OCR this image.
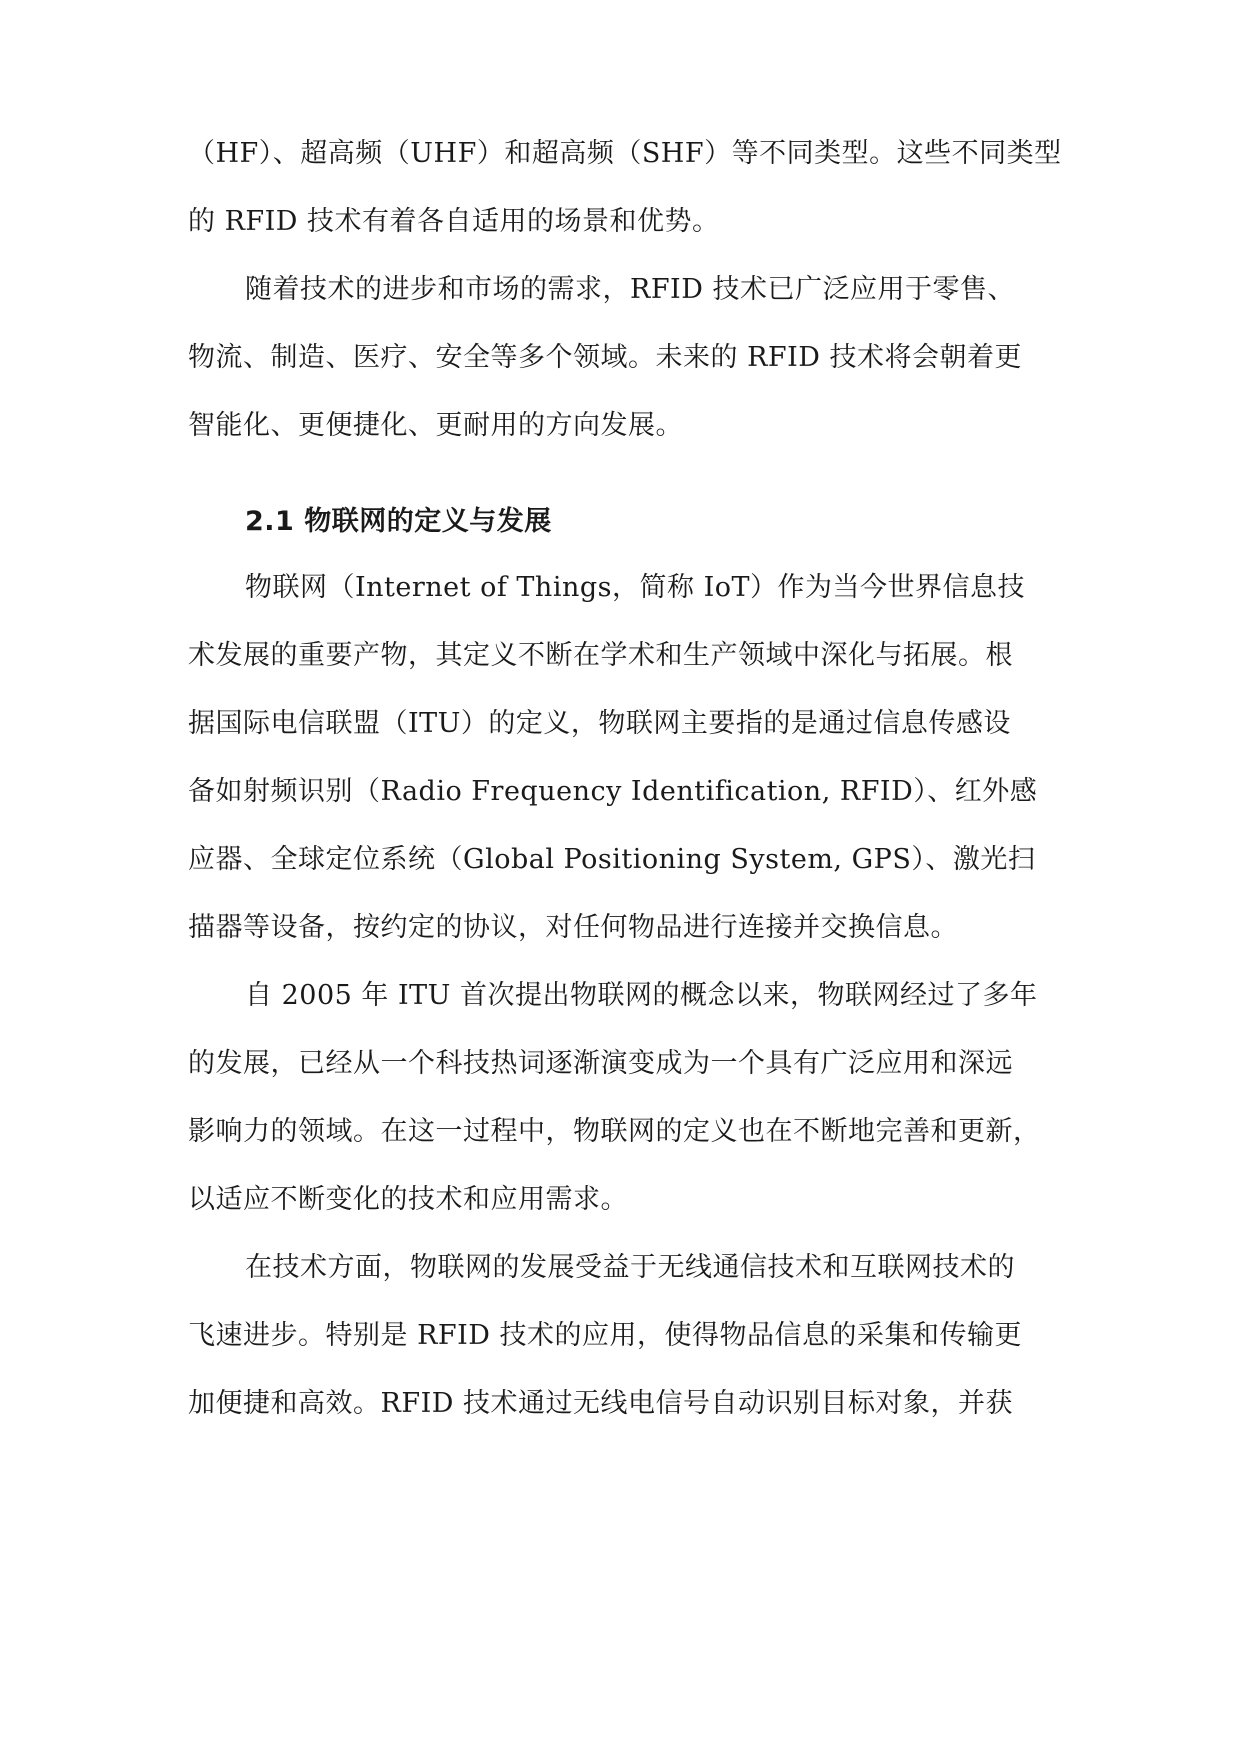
（HF）、超高频（UHF）和超高频（SHF）等不同类型。这些不同类型
的 RFID 技术有着各自适用的场景和优势。
随着技术的进步和市场的需求，RFID 技术已广泛应用于零售、
物流、制造、医疗、安全等多个领域。未来的 RFID 技术将会朝着更
智能化、更便捷化、更耐用的方向发展。
2.1 物联网的定义与发展
物联网（Internet of Things，简称 IoT）作为当今世界信息技
术发展的重要产物，其定义不断在学术和生产领域中深化与拓展。根
据国际电信联盟（ITU）的定义，物联网主要指的是通过信息传感设
备如射频识别（Radio Frequency Identification, RFID）、红外感
应器、全球定位系统（Global Positioning System, GPS）、激光扫
描器等设备，按约定的协议，对任何物品进行连接并交换信息。
自 2005 年 ITU 首次提出物联网的概念以来，物联网经过了多年
的发展，已经从一个科技热词逐渐演变成为一个具有广泛应用和深远
影响力的领域。在这一过程中，物联网的定义也在不断地完善和更新，
以适应不断变化的技术和应用需求。
在技术方面，物联网的发展受益于无线通信技术和互联网技术的
飞速进步。特别是 RFID 技术的应用，使得物品信息的采集和传输更
加便捷和高效。RFID 技术通过无线电信号自动识别目标对象，并获
